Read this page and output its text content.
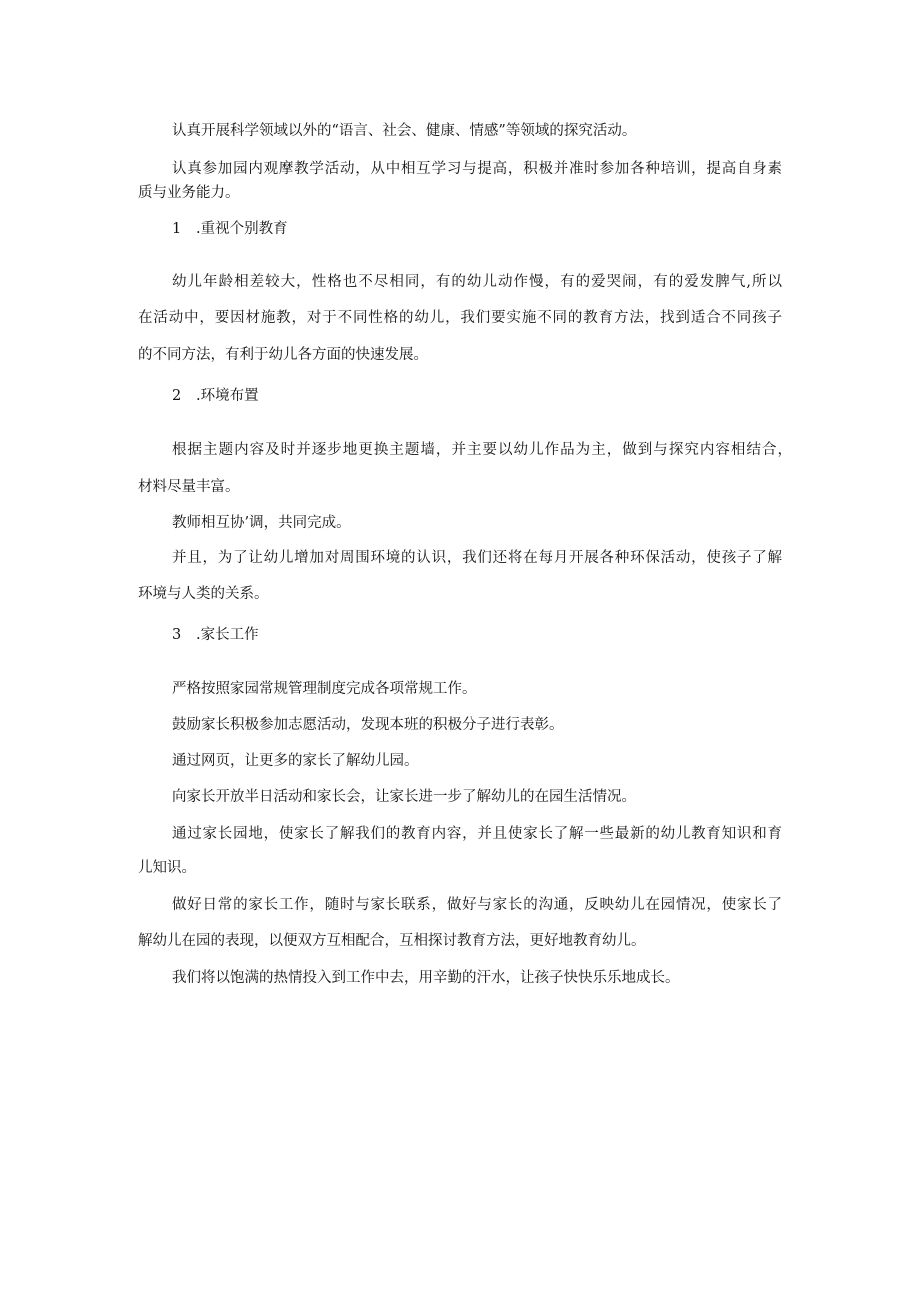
认真开展科学领域以外的“语言、社会、健康、情感”等领域的探究活动。
认真参加园内观摩教学活动，从中相互学习与提高，积极并准时参加各种培训，提高自身素
质与业务能力。
1 .重视个别教育
幼儿年龄相差较大，性格也不尽相同，有的幼儿动作慢，有的爱哭闹，有的爱发脾气,所以
在活动中，要因材施教，对于不同性格的幼儿，我们要实施不同的教育方法，找到适合不同孩子
的不同方法，有利于幼儿各方面的快速发展。
2 .环境布置
根据主题内容及时并逐步地更换主题墙，并主要以幼儿作品为主，做到与探究内容相结合，
材料尽量丰富。
教师相互协’调，共同完成。
并且，为了让幼儿增加对周围环境的认识，我们还将在每月开展各种环保活动，使孩子了解
环境与人类的关系。
3 .家长工作
严格按照家园常规管理制度完成各项常规工作。
鼓励家长积极参加志愿活动，发现本班的积极分子进行表彰。
通过网页，让更多的家长了解幼儿园。
向家长开放半日活动和家长会，让家长进一步了解幼儿的在园生活情况。
通过家长园地，使家长了解我们的教育内容，并且使家长了解一些最新的幼儿教育知识和育
儿知识。
做好日常的家长工作，随时与家长联系，做好与家长的沟通，反映幼儿在园情况，使家长了
解幼儿在园的表现，以便双方互相配合，互相探讨教育方法，更好地教育幼儿。
我们将以饱满的热情投入到工作中去，用辛勤的汗水，让孩子快快乐乐地成长。
